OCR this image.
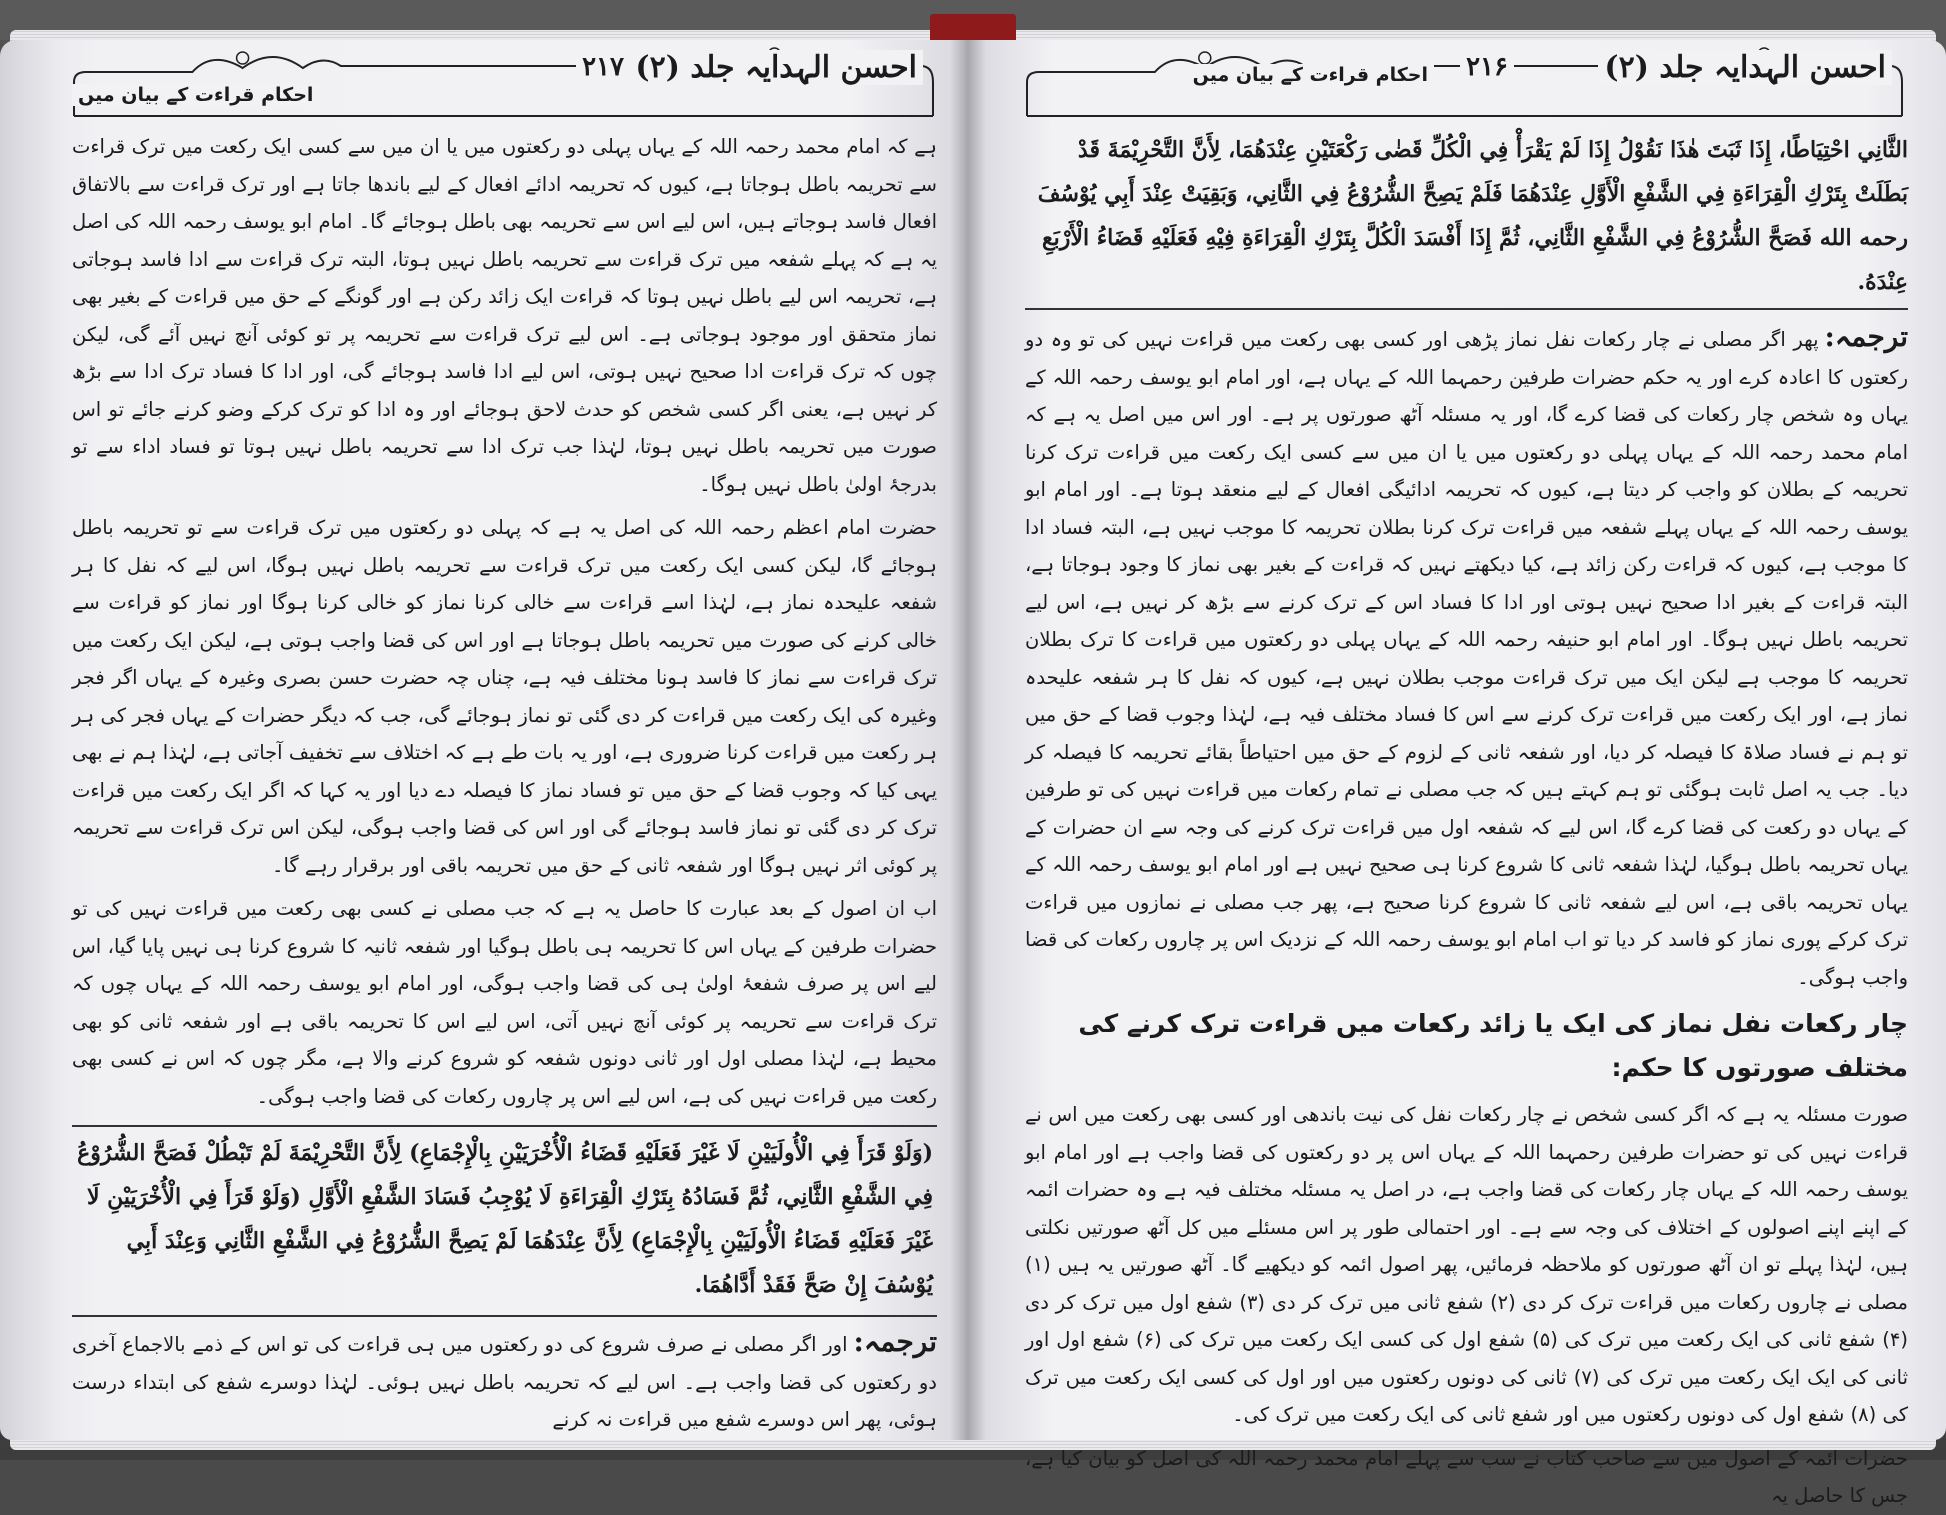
احسن الہدایہ جلد (۲)
۲۱۷
احکام قراءت کے بیان میں

ہے کہ امام محمد رحمہ اللہ کے یہاں پہلی دو رکعتوں میں یا ان میں سے کسی ایک رکعت میں ترک قراءت سے تحریمہ باطل ہوجاتا ہے، کیوں کہ تحریمہ ادائے افعال کے لیے باندھا جاتا ہے اور ترک قراءت سے بالاتفاق افعال فاسد ہوجاتے ہیں، اس لیے اس سے تحریمہ بھی باطل ہوجائے گا۔ امام ابو یوسف رحمہ اللہ کی اصل یہ ہے کہ پہلے شفعہ میں ترک قراءت سے تحریمہ باطل نہیں ہوتا، البتہ ترک قراءت سے ادا فاسد ہوجاتی ہے، تحریمہ اس لیے باطل نہیں ہوتا کہ قراءت ایک زائد رکن ہے اور گونگے کے حق میں قراءت کے بغیر بھی نماز متحقق اور موجود ہوجاتی ہے۔ اس لیے ترک قراءت سے تحریمہ پر تو کوئی آنچ نہیں آئے گی، لیکن چوں کہ ترک قراءت ادا صحیح نہیں ہوتی، اس لیے ادا فاسد ہوجائے گی، اور ادا کا فساد ترک ادا سے بڑھ کر نہیں ہے، یعنی اگر کسی شخص کو حدث لاحق ہوجائے اور وہ ادا کو ترک کرکے وضو کرنے جائے تو اس صورت میں تحریمہ باطل نہیں ہوتا، لہٰذا جب ترک ادا سے تحریمہ باطل نہیں ہوتا تو فساد اداء سے تو بدرجۂ اولیٰ باطل نہیں ہوگا۔

حضرت امام اعظم رحمہ اللہ کی اصل یہ ہے کہ پہلی دو رکعتوں میں ترک قراءت سے تو تحریمہ باطل ہوجائے گا، لیکن کسی ایک رکعت میں ترک قراءت سے تحریمہ باطل نہیں ہوگا، اس لیے کہ نفل کا ہر شفعہ علیحدہ نماز ہے، لہٰذا اسے قراءت سے خالی کرنا نماز کو خالی کرنا ہوگا اور نماز کو قراءت سے خالی کرنے کی صورت میں تحریمہ باطل ہوجاتا ہے اور اس کی قضا واجب ہوتی ہے، لیکن ایک رکعت میں ترک قراءت سے نماز کا فاسد ہونا مختلف فیہ ہے، چناں چہ حضرت حسن بصری وغیرہ کے یہاں اگر فجر وغیرہ کی ایک رکعت میں قراءت کر دی گئی تو نماز ہوجائے گی، جب کہ دیگر حضرات کے یہاں فجر کی ہر ہر رکعت میں قراءت کرنا ضروری ہے، اور یہ بات طے ہے کہ اختلاف سے تخفیف آجاتی ہے، لہٰذا ہم نے بھی یہی کیا کہ وجوب قضا کے حق میں تو فساد نماز کا فیصلہ دے دیا اور یہ کہا کہ اگر ایک رکعت میں قراءت ترک کر دی گئی تو نماز فاسد ہوجائے گی اور اس کی قضا واجب ہوگی، لیکن اس ترک قراءت سے تحریمہ پر کوئی اثر نہیں ہوگا اور شفعہ ثانی کے حق میں تحریمہ باقی اور برقرار رہے گا۔

اب ان اصول کے بعد عبارت کا حاصل یہ ہے کہ جب مصلی نے کسی بھی رکعت میں قراءت نہیں کی تو حضرات طرفین کے یہاں اس کا تحریمہ ہی باطل ہوگیا اور شفعہ ثانیہ کا شروع کرنا ہی نہیں پایا گیا، اس لیے اس پر صرف شفعۂ اولیٰ ہی کی قضا واجب ہوگی، اور امام ابو یوسف رحمہ اللہ کے یہاں چوں کہ ترک قراءت سے تحریمہ پر کوئی آنچ نہیں آتی، اس لیے اس کا تحریمہ باقی ہے اور شفعہ ثانی کو بھی محیط ہے، لہٰذا مصلی اول اور ثانی دونوں شفعہ کو شروع کرنے والا ہے، مگر چوں کہ اس نے کسی بھی رکعت میں قراءت نہیں کی ہے، اس لیے اس پر چاروں رکعات کی قضا واجب ہوگی۔

(وَلَوْ قَرَأَ فِي الْأُولَيَيْنِ لَا غَيْرَ فَعَلَيْهِ قَضَاءُ الْأُخْرَيَيْنِ بِالْإِجْمَاعِ) لِأَنَّ التَّحْرِيْمَةَ لَمْ تَبْطُلْ فَصَحَّ الشُّرُوْعُ فِي الشَّفْعِ الثَّانِي، ثُمَّ فَسَادُهُ بِتَرْكِ الْقِرَاءَةِ لَا يُوْجِبُ فَسَادَ الشَّفْعِ الْأَوَّلِ (وَلَوْ قَرَأَ فِي الْأُخْرَيَيْنِ لَا غَيْرَ فَعَلَيْهِ قَضَاءُ الْأُولَيَيْنِ بِالْإِجْمَاعِ) لِأَنَّ عِنْدَهُمَا لَمْ يَصِحَّ الشُّرُوْعُ فِي الشَّفْعِ الثَّانِي وَعِنْدَ أَبِي يُوْسُفَ إِنْ صَحَّ فَقَدْ أَدَّاهُمَا.

ترجمہ:اور اگر مصلی نے صرف شروع کی دو رکعتوں میں ہی قراءت کی تو اس کے ذمے بالاجماع آخری دو رکعتوں کی قضا واجب ہے۔ اس لیے کہ تحریمہ باطل نہیں ہوئی۔ لہٰذا دوسرے شفع کی ابتداء درست ہوئی، پھر اس دوسرے شفع میں قراءت نہ کرنے

احسن الہدایہ جلد (۲)
۲۱۶
احکام قراءت کے بیان میں

الثَّانِي احْتِيَاطًا، إِذَا ثَبَتَ هٰذَا نَقُوْلُ إِذَا لَمْ يَقْرَأْ فِي الْكُلِّ قَضٰى رَكْعَتَيْنِ عِنْدَهُمَا، لِأَنَّ التَّحْرِيْمَةَ قَدْ بَطَلَتْ بِتَرْكِ الْقِرَاءَةِ فِي الشَّفْعِ الْأَوَّلِ عِنْدَهُمَا فَلَمْ يَصِحَّ الشُّرُوْعُ فِي الثَّانِي، وَبَقِيَتْ عِنْدَ أَبِي يُوْسُفَ رحمه الله فَصَحَّ الشُّرُوْعُ فِي الشَّفْعِ الثَّانِي، ثُمَّ إِذَا أَفْسَدَ الْكُلَّ بِتَرْكِ الْقِرَاءَةِ فِيْهِ فَعَلَيْهِ قَضَاءُ الْأَرْبَعِ عِنْدَهُ.

ترجمہ:پھر اگر مصلی نے چار رکعات نفل نماز پڑھی اور کسی بھی رکعت میں قراءت نہیں کی تو وہ دو رکعتوں کا اعادہ کرے اور یہ حکم حضرات طرفین رحمہما اللہ کے یہاں ہے، اور امام ابو یوسف رحمہ اللہ کے یہاں وہ شخص چار رکعات کی قضا کرے گا، اور یہ مسئلہ آٹھ صورتوں پر ہے۔ اور اس میں اصل یہ ہے کہ امام محمد رحمہ اللہ کے یہاں پہلی دو رکعتوں میں یا ان میں سے کسی ایک رکعت میں قراءت ترک کرنا تحریمہ کے بطلان کو واجب کر دیتا ہے، کیوں کہ تحریمہ ادائیگی افعال کے لیے منعقد ہوتا ہے۔ اور امام ابو یوسف رحمہ اللہ کے یہاں پہلے شفعہ میں قراءت ترک کرنا بطلان تحریمہ کا موجب نہیں ہے، البتہ فساد ادا کا موجب ہے، کیوں کہ قراءت رکن زائد ہے، کیا دیکھتے نہیں کہ قراءت کے بغیر بھی نماز کا وجود ہوجاتا ہے، البتہ قراءت کے بغیر ادا صحیح نہیں ہوتی اور ادا کا فساد اس کے ترک کرنے سے بڑھ کر نہیں ہے، اس لیے تحریمہ باطل نہیں ہوگا۔ اور امام ابو حنیفہ رحمہ اللہ کے یہاں پہلی دو رکعتوں میں قراءت کا ترک بطلان تحریمہ کا موجب ہے لیکن ایک میں ترک قراءت موجب بطلان نہیں ہے، کیوں کہ نفل کا ہر شفعہ علیحدہ نماز ہے، اور ایک رکعت میں قراءت ترک کرنے سے اس کا فساد مختلف فیہ ہے، لہٰذا وجوب قضا کے حق میں تو ہم نے فساد صلاۃ کا فیصلہ کر دیا، اور شفعہ ثانی کے لزوم کے حق میں احتیاطاً بقائے تحریمہ کا فیصلہ کر دیا۔ جب یہ اصل ثابت ہوگئی تو ہم کہتے ہیں کہ جب مصلی نے تمام رکعات میں قراءت نہیں کی تو طرفین کے یہاں دو رکعت کی قضا کرے گا، اس لیے کہ شفعہ اول میں قراءت ترک کرنے کی وجہ سے ان حضرات کے یہاں تحریمہ باطل ہوگیا، لہٰذا شفعہ ثانی کا شروع کرنا ہی صحیح نہیں ہے اور امام ابو یوسف رحمہ اللہ کے یہاں تحریمہ باقی ہے، اس لیے شفعہ ثانی کا شروع کرنا صحیح ہے، پھر جب مصلی نے نمازوں میں قراءت ترک کرکے پوری نماز کو فاسد کر دیا تو اب امام ابو یوسف رحمہ اللہ کے نزدیک اس پر چاروں رکعات کی قضا واجب ہوگی۔

چار رکعات نفل نماز کی ایک یا زائد رکعات میں قراءت ترک کرنے کی مختلف صورتوں کا حکم:

صورت مسئلہ یہ ہے کہ اگر کسی شخص نے چار رکعات نفل کی نیت باندھی اور کسی بھی رکعت میں اس نے قراءت نہیں کی تو حضرات طرفین رحمہما اللہ کے یہاں اس پر دو رکعتوں کی قضا واجب ہے اور امام ابو یوسف رحمہ اللہ کے یہاں چار رکعات کی قضا واجب ہے، در اصل یہ مسئلہ مختلف فیہ ہے وہ حضرات ائمہ کے اپنے اپنے اصولوں کے اختلاف کی وجہ سے ہے۔ اور احتمالی طور پر اس مسئلے میں کل آٹھ صورتیں نکلتی ہیں، لہٰذا پہلے تو ان آٹھ صورتوں کو ملاحظہ فرمائیں، پھر اصول ائمہ کو دیکھیے گا۔ آٹھ صورتیں یہ ہیں (۱) مصلی نے چاروں رکعات میں قراءت ترک کر دی (۲) شفع ثانی میں ترک کر دی (۳) شفع اول میں ترک کر دی (۴) شفع ثانی کی ایک رکعت میں ترک کی (۵) شفع اول کی کسی ایک رکعت میں ترک کی (۶) شفع اول اور ثانی کی ایک ایک رکعت میں ترک کی (۷) ثانی کی دونوں رکعتوں میں اور اول کی کسی ایک رکعت میں ترک کی (۸) شفع اول کی دونوں رکعتوں میں اور شفع ثانی کی ایک رکعت میں ترک کی۔

حضرات ائمہ کے اصول میں سے صاحب کتاب نے سب سے پہلے امام محمد رحمہ اللہ کی اصل کو بیان کیا ہے، جس کا حاصل یہ
